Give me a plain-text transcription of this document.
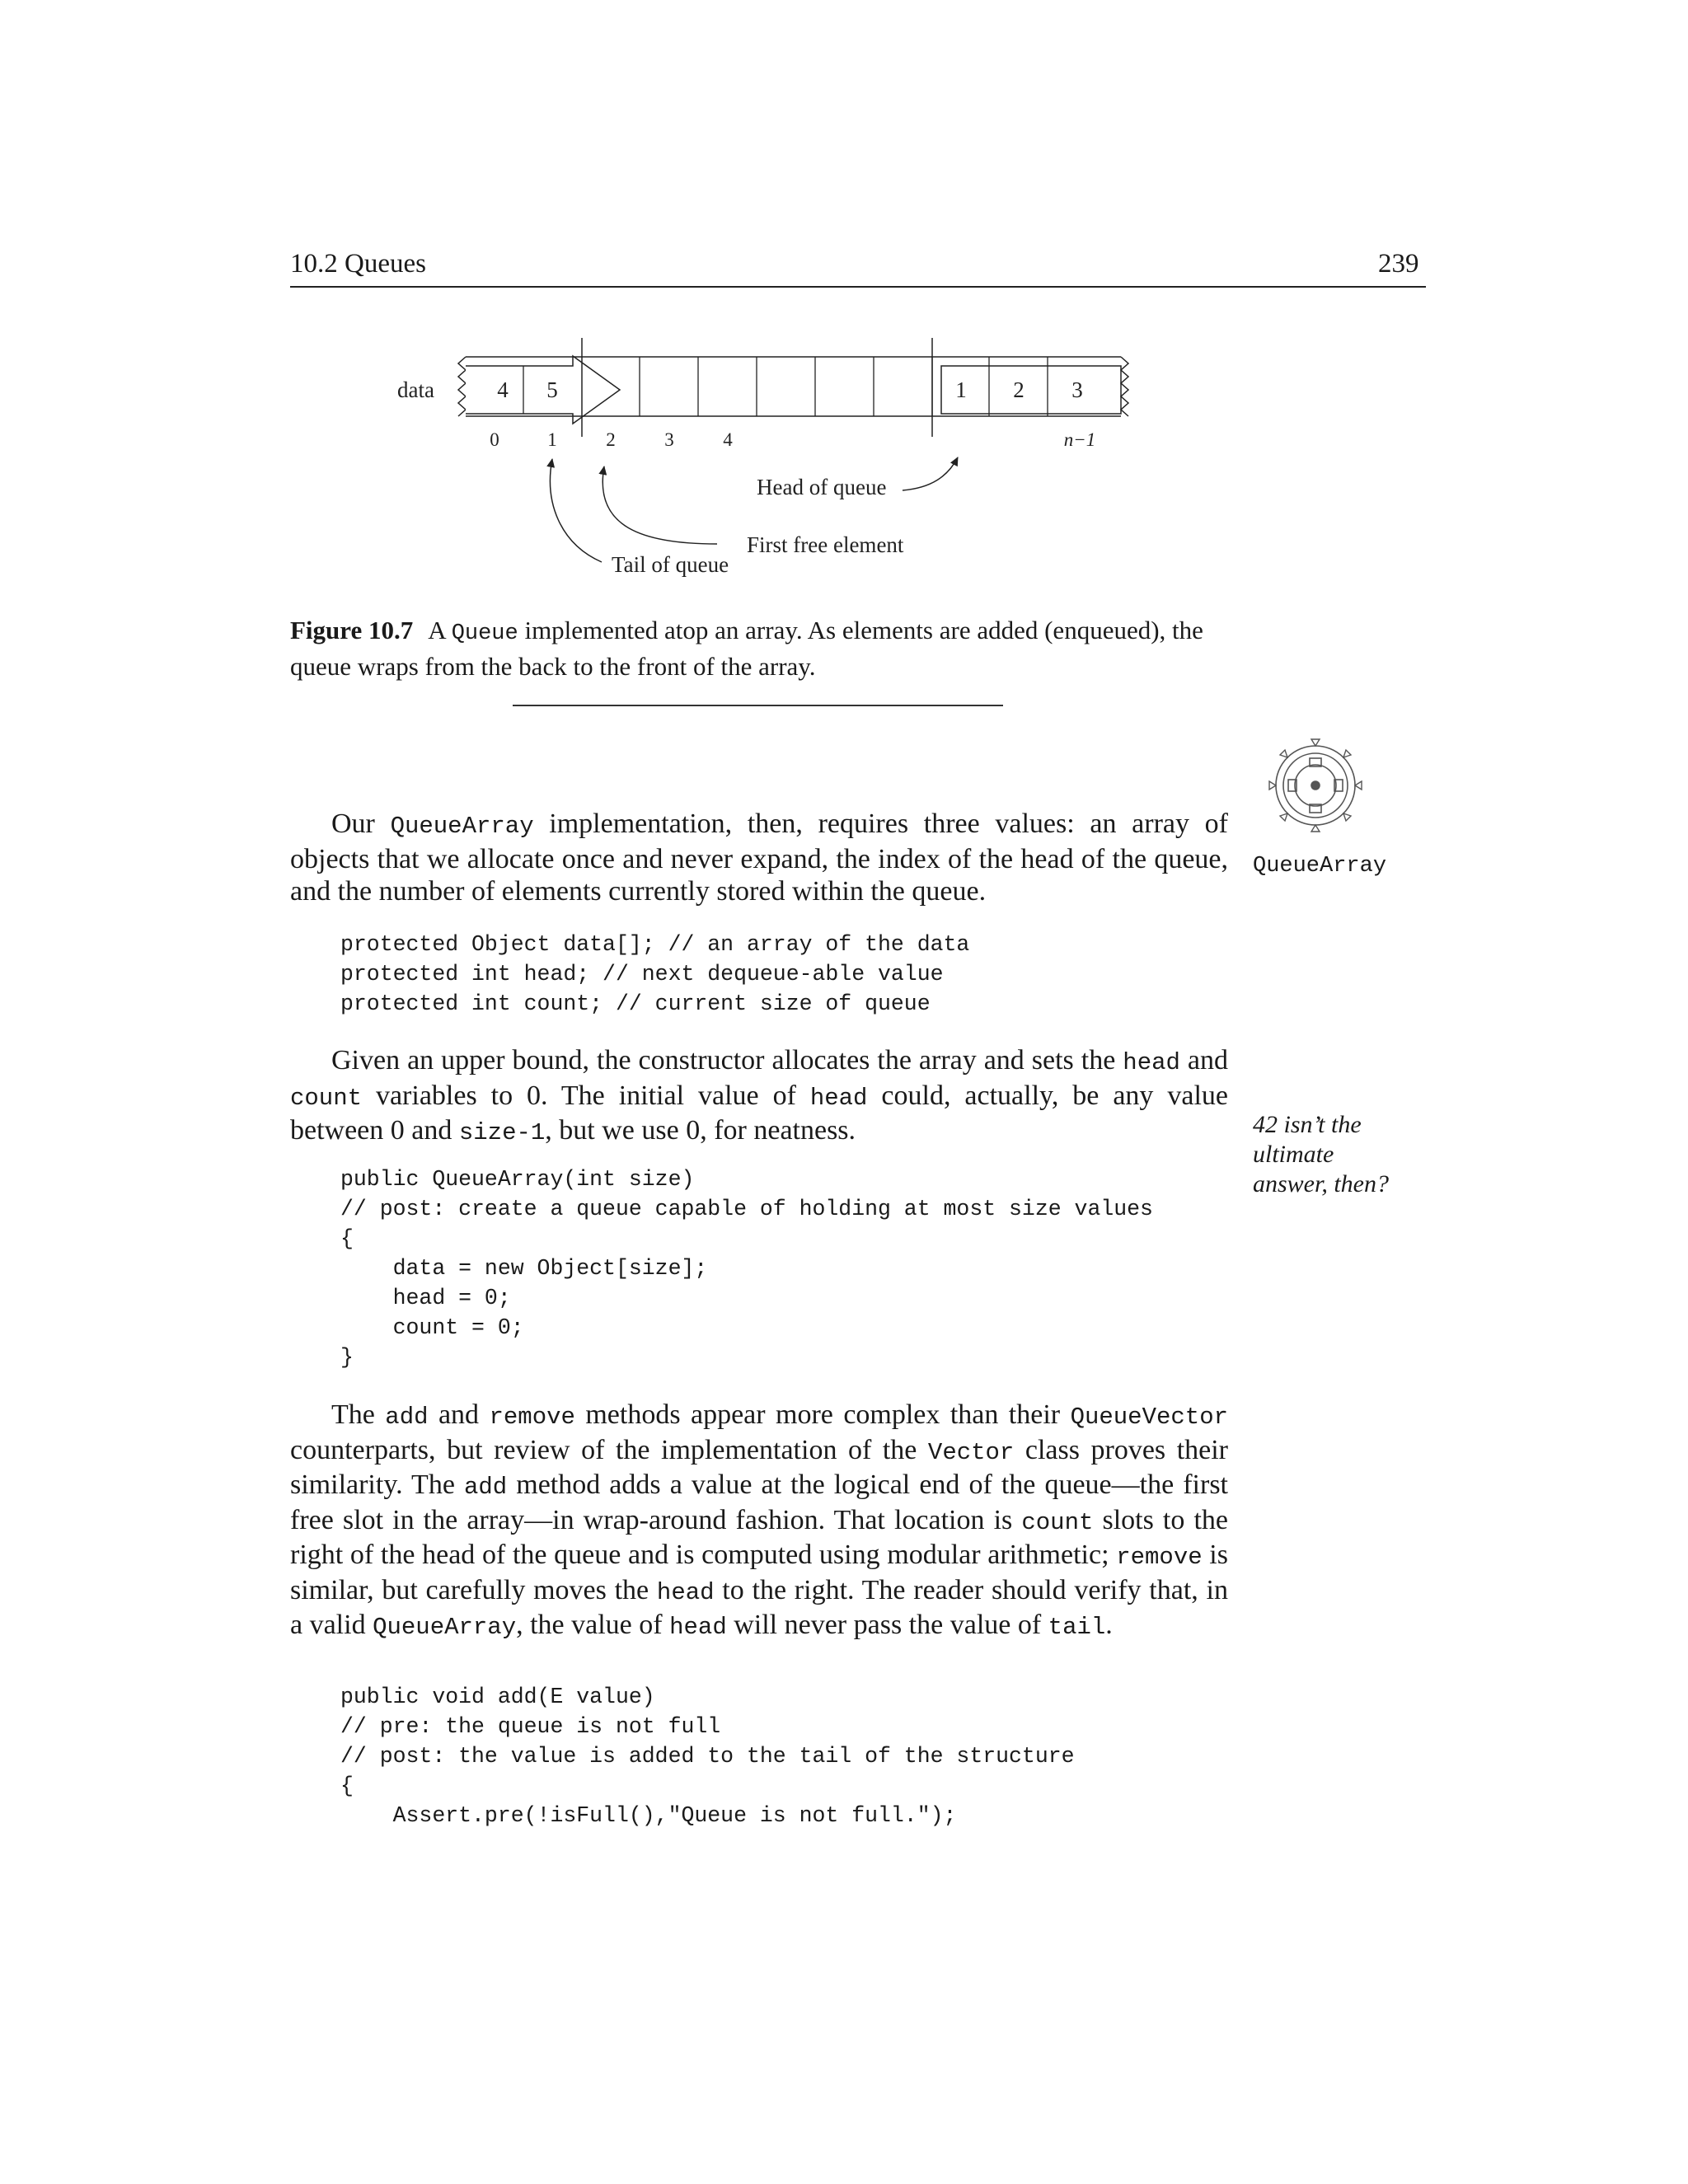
10.2 Queues	239
data	4 5	1 2 3
0	1	2	3	4	n−1
Head of queue
First free element
Tail of queue
Figure 10.7 A Queue implemented atop an array. As elements are added (enqueued), the queue wraps from the back to the front of the array.
QueueArray
Our QueueArray implementation, then, requires three values: an array of objects that we allocate once and never expand, the index of the head of the queue, and the number of elements currently stored within the queue.
protected Object data[]; // an array of the data
protected int head; // next dequeue-able value
protected int count; // current size of queue
Given an upper bound, the constructor allocates the array and sets the head and count variables to 0. The initial value of head could, actually, be any value between 0 and size-1, but we use 0, for neatness.	42 isn’t the ultimate answer, then?
public QueueArray(int size)
// post: create a queue capable of holding at most size values
{
data = new Object[size];
head = 0;
count = 0;
}
The add and remove methods appear more complex than their QueueVector counterparts, but review of the implementation of the Vector class proves their similarity. The add method adds a value at the logical end of the queue—the first free slot in the array—in wrap-around fashion. That location is count slots to the right of the head of the queue and is computed using modular arithmetic; remove is similar, but carefully moves the head to the right. The reader should verify that, in a valid QueueArray, the value of head will never pass the value of tail.
public void add(E value)
// pre: the queue is not full
// post: the value is added to the tail of the structure
{
Assert.pre(!isFull(),"Queue is not full.");
